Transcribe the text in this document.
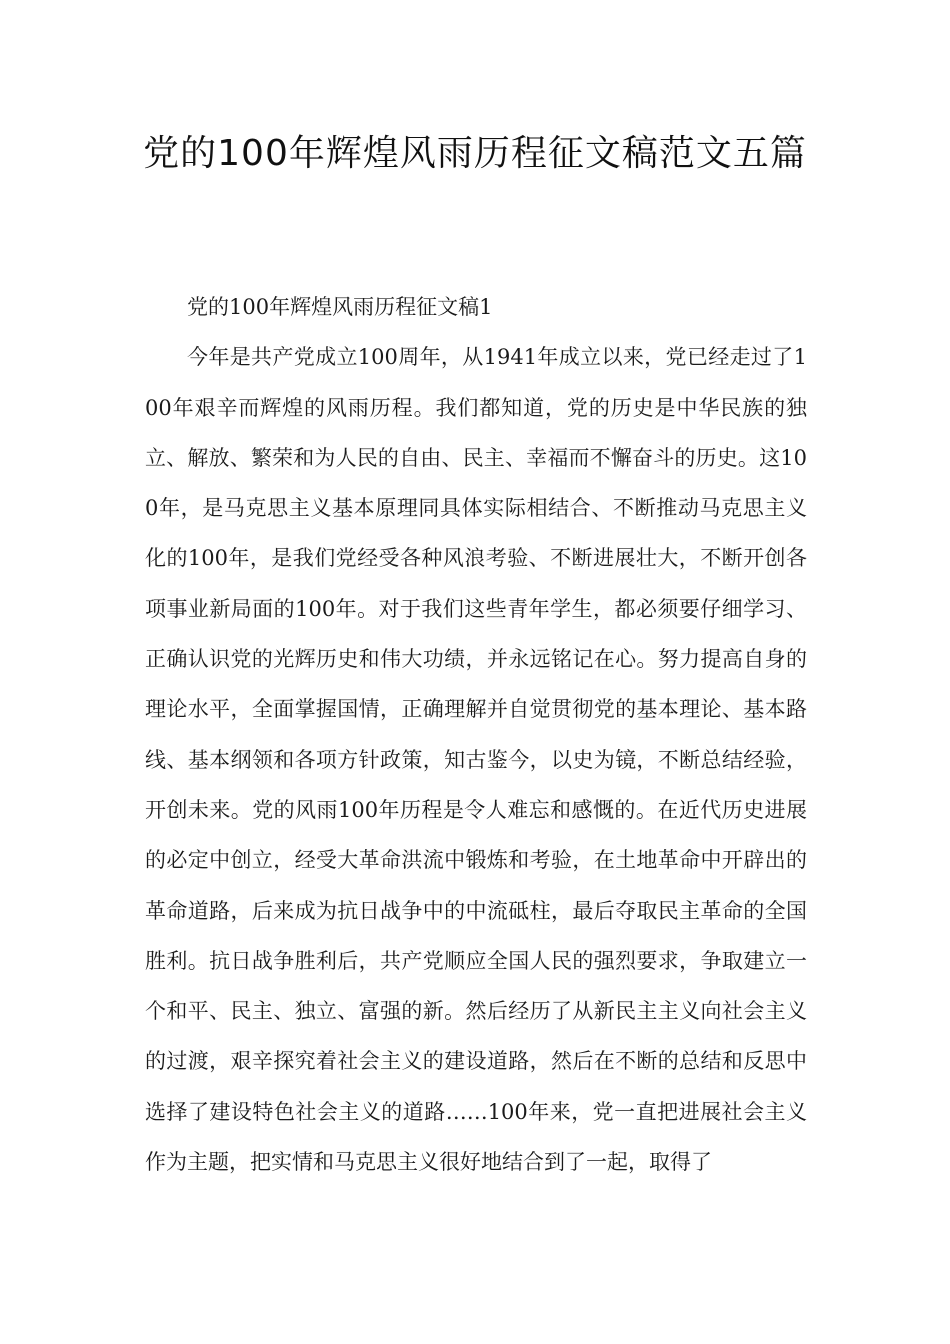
党的100年辉煌风雨历程征文稿范文五篇

党的100年辉煌风雨历程征文稿1

今年是共产党成立100周年，从1941年成立以来，党已经走过了100年艰辛而辉煌的风雨历程。我们都知道，党的历史是中华民族的独立、解放、繁荣和为人民的自由、民主、幸福而不懈奋斗的历史。这100年，是马克思主义基本原理同具体实际相结合、不断推动马克思主义化的100年，是我们党经受各种风浪考验、不断进展壮大，不断开创各项事业新局面的100年。对于我们这些青年学生，都必须要仔细学习、正确认识党的光辉历史和伟大功绩，并永远铭记在心。努力提高自身的理论水平，全面掌握国情，正确理解并自觉贯彻党的基本理论、基本路线、基本纲领和各项方针政策，知古鉴今，以史为镜，不断总结经验，开创未来。党的风雨100年历程是令人难忘和感慨的。在近代历史进展的必定中创立，经受大革命洪流中锻炼和考验，在土地革命中开辟出的革命道路，后来成为抗日战争中的中流砥柱，最后夺取民主革命的全国胜利。抗日战争胜利后，共产党顺应全国人民的强烈要求，争取建立一个和平、民主、独立、富强的新。然后经历了从新民主主义向社会主义的过渡，艰辛探究着社会主义的建设道路，然后在不断的总结和反思中选择了建设特色社会主义的道路……100年来，党一直把进展社会主义作为主题，把实情和马克思主义很好地结合到了一起，取得了
